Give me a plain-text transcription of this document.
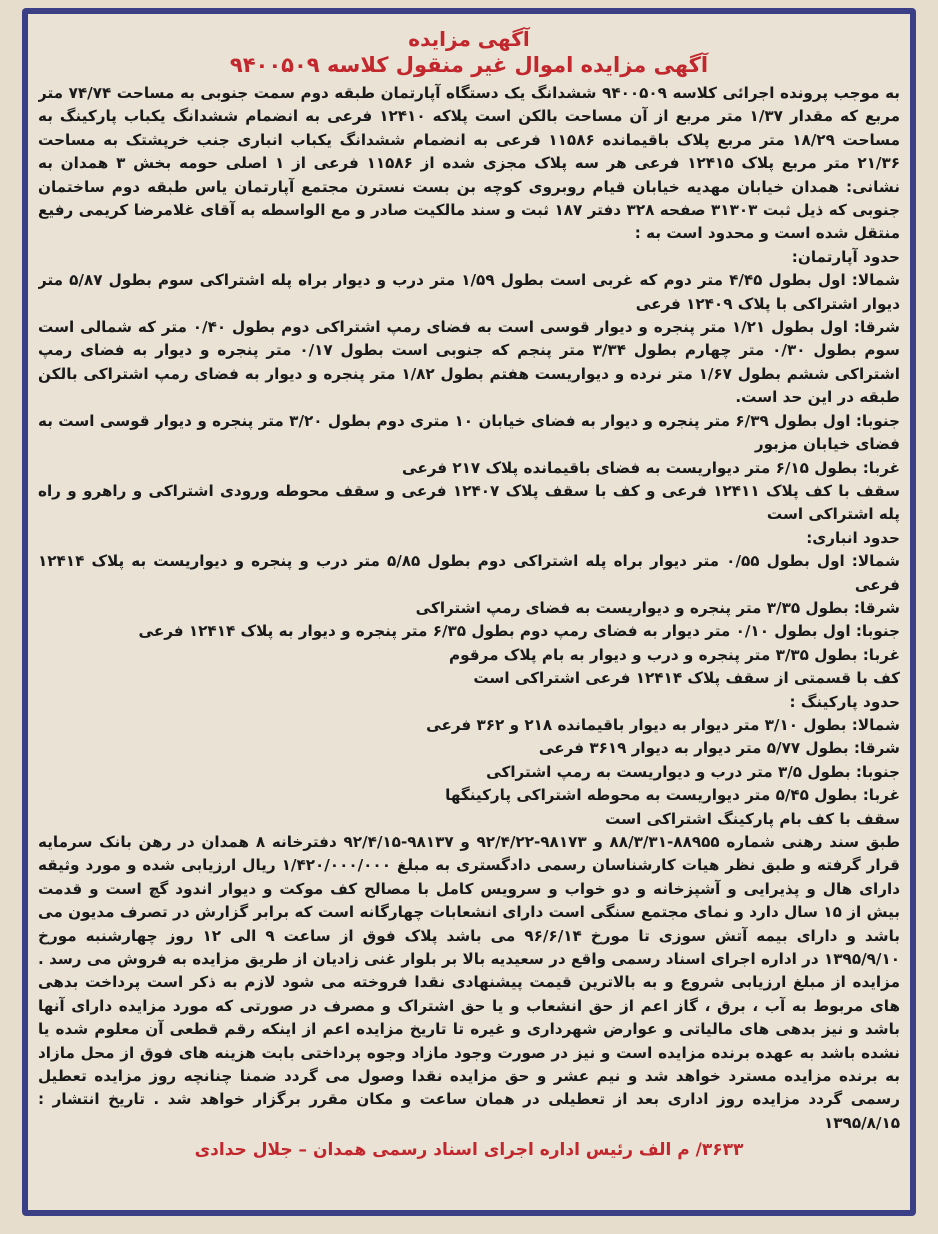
آگهی مزایده
آگهی مزایده اموال غیر منقول کلاسه ۹۴۰۰۵۰۹
به موجب پرونده اجرائی کلاسه ۹۴۰۰۵۰۹ ششدانگ یک دستگاه آپارتمان طبقه دوم سمت جنوبی به مساحت ۷۴/۷۴ متر مربع که مقدار ۱/۳۷ متر مربع از آن مساحت بالکن است پلاکه ۱۲۴۱۰ فرعی به انضمام ششدانگ یکباب پارکینگ به مساحت ۱۸/۲۹ متر مربع پلاک باقیمانده ۱۱۵۸۶ فرعی به انضمام ششدانگ یکباب انباری جنب خرپشتک به مساحت ۲۱/۳۶ متر مربع پلاک ۱۲۴۱۵ فرعی هر سه پلاک مجزی شده از ۱۱۵۸۶ فرعی از ۱ اصلی حومه بخش ۳ همدان به نشانی: همدان خیابان مهدیه خیابان قیام روبروی کوچه بن بست نسترن مجتمع آپارتمان یاس طبقه دوم ساختمان جنوبی که ذیل ثبت ۳۱۳۰۳ صفحه ۳۲۸ دفتر ۱۸۷ ثبت و سند مالکیت صادر و مع الواسطه به آقای غلامرضا کریمی رفیع منتقل شده است و محدود است به :
حدود آپارتمان:
شمالا: اول بطول ۴/۴۵ متر دوم که غربی است بطول ۱/۵۹ متر درب و دیوار براه پله اشتراکی سوم بطول ۵/۸۷ متر دیوار اشتراکی با پلاک ۱۲۴۰۹ فرعی
شرقا: اول بطول ۱/۲۱ متر پنجره و دیوار قوسی است به فضای رمپ اشتراکی دوم بطول ۰/۴۰ متر که شمالی است سوم بطول ۰/۳۰ متر چهارم بطول ۳/۳۴ متر پنجم که جنوبی است بطول ۰/۱۷ متر پنجره و دیوار به فضای رمپ اشتراکی ششم بطول ۱/۶۷ متر نرده و دیواریست هفتم بطول ۱/۸۲ متر پنجره و دیوار به فضای رمپ اشتراکی بالکن طبقه در این حد است.
جنوبا: اول بطول ۶/۳۹ متر پنجره و دیوار به فضای خیابان ۱۰ متری دوم بطول ۳/۲۰ متر پنجره و دیوار قوسی است به فضای خیابان مزبور
غربا: بطول ۶/۱۵ متر دیواریست به فضای باقیمانده پلاک ۲۱۷ فرعی
سقف با کف پلاک ۱۲۴۱۱ فرعی و کف با سقف پلاک ۱۲۴۰۷ فرعی و سقف محوطه ورودی اشتراکی و راهرو و راه پله اشتراکی است
حدود انباری:
شمالا: اول بطول ۰/۵۵ متر دیوار براه پله اشتراکی دوم بطول ۵/۸۵ متر درب و پنجره و دیواریست به پلاک ۱۲۴۱۴ فرعی
شرقا: بطول ۳/۳۵ متر پنجره و دیواریست به فضای رمپ اشتراکی
جنوبا: اول بطول ۰/۱۰ متر دیوار به فضای رمپ دوم بطول ۶/۳۵ متر پنجره و دیوار به پلاک ۱۲۴۱۴ فرعی
غربا: بطول ۳/۳۵ متر پنجره و درب و دیوار به بام پلاک مرقوم
کف با قسمتی از سقف پلاک ۱۲۴۱۴ فرعی اشتراکی است
حدود پارکینگ :
شمالا: بطول ۳/۱۰ متر دیوار به دیوار باقیمانده ۲۱۸ و ۳۶۲ فرعی
شرقا: بطول ۵/۷۷ متر دیوار به دیوار ۳۶۱۹ فرعی
جنوبا: بطول ۳/۵ متر درب و دیواریست به رمپ اشتراکی
غربا: بطول ۵/۴۵ متر دیواریست به محوطه اشتراکی پارکینگها
سقف با کف بام پارکینگ اشتراکی است
طبق سند رهنی شماره ۸۸۹۵۵-۸۸/۳/۳۱ و ۹۸۱۷۳-۹۲/۴/۲۲ و ۹۸۱۳۷-۹۲/۴/۱۵ دفترخانه ۸ همدان در رهن بانک سرمایه قرار گرفته و طبق نظر هیات کارشناسان رسمی دادگستری به مبلغ ۱/۴۲۰/۰۰۰/۰۰۰ ریال ارزیابی شده و مورد وثیقه دارای هال و پذیرایی و آشپزخانه و دو خواب و سرویس کامل با مصالح کف موکت و دیوار اندود گچ است و قدمت بیش از ۱۵ سال دارد و نمای مجتمع سنگی است دارای انشعابات چهارگانه است که برابر گزارش در تصرف مدیون می باشد و دارای بیمه آتش سوزی تا مورخ ۹۶/۶/۱۴ می باشد پلاک فوق از ساعت ۹ الی ۱۲ روز چهارشنبه مورخ ۱۳۹۵/۹/۱۰ در اداره اجرای اسناد رسمی واقع در سعیدیه بالا بر بلوار غنی زادیان از طریق مزایده به فروش می رسد . مزایده از مبلغ ارزیابی شروع و به بالاترین قیمت پیشنهادی نقدا فروخته می شود لازم به ذکر است پرداخت بدهی های مربوط به آب ، برق ، گاز اعم از حق انشعاب و یا حق اشتراک و مصرف در صورتی که مورد مزایده دارای آنها باشد و نیز بدهی های مالیاتی و عوارض شهرداری و غیره تا تاریخ مزایده اعم از اینکه رقم قطعی آن معلوم شده یا نشده باشد به عهده برنده مزایده است و نیز در صورت وجود مازاد وجوه پرداختی بابت هزینه های فوق از محل مازاد به برنده مزایده مسترد خواهد شد و نیم عشر و حق مزایده نقدا وصول می گردد ضمنا چنانچه روز مزایده تعطیل رسمی گردد مزایده روز اداری بعد از تعطیلی در همان ساعت و مکان مقرر برگزار خواهد شد . تاریخ انتشار : ۱۳۹۵/۸/۱۵
۳۶۳۳/ م الف رئیس اداره اجرای اسناد رسمی همدان – جلال حدادی
